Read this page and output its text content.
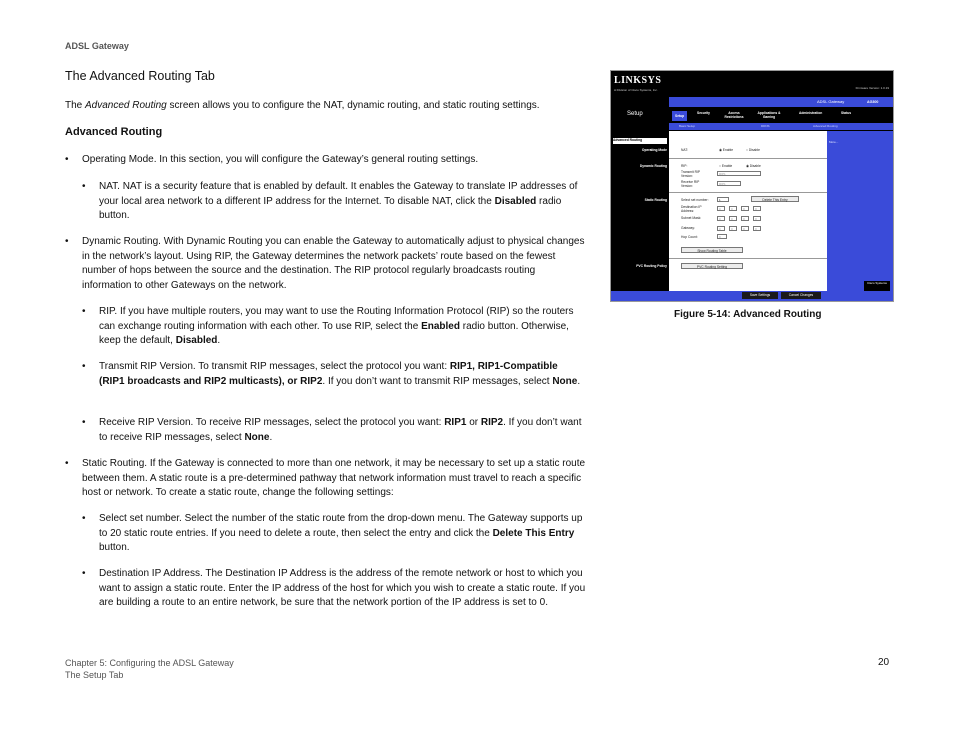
ADSL Gateway
The Advanced Routing Tab
The Advanced Routing screen allows you to configure the NAT, dynamic routing, and static routing settings.
Advanced Routing
• Operating Mode. In this section, you will configure the Gateway’s general routing settings.
• NAT. NAT is a security feature that is enabled by default. It enables the Gateway to translate IP addresses of your local area network to a different IP address for the Internet. To disable NAT, click the Disabled radio button.
• Dynamic Routing. With Dynamic Routing you can enable the Gateway to automatically adjust to physical changes in the network’s layout. Using RIP, the Gateway determines the network packets’ route based on the fewest number of hops between the source and the destination. The RIP protocol regularly broadcasts routing information to other Gateways on the network.
• RIP. If you have multiple routers, you may want to use the Routing Information Protocol (RIP) so the routers can exchange routing information with each other. To use RIP, select the Enabled radio button. Otherwise, keep the default, Disabled.
• Transmit RIP Version. To transmit RIP messages, select the protocol you want: RIP1, RIP1-Compatible (RIP1 broadcasts and RIP2 multicasts), or RIP2. If you don’t want to transmit RIP messages, select None.
• Receive RIP Version. To receive RIP messages, select the protocol you want: RIP1 or RIP2. If you don’t want to receive RIP messages, select None.
• Static Routing. If the Gateway is connected to more than one network, it may be necessary to set up a static route between them. A static route is a pre-determined pathway that network information must travel to reach a specific host or network. To create a static route, change the following settings:
• Select set number. Select the number of the static route from the drop-down menu. The Gateway supports up to 20 static route entries. If you need to delete a route, then select the entry and click the Delete This Entry button.
• Destination IP Address. The Destination IP Address is the address of the remote network or host to which you want to assign a static route. Enter the IP address of the host for which you wish to create a static route. If you are building a route to an entire network, be sure that the network portion of the IP address is set to 0.
LINKSYS
A Division of Cisco Systems, Inc.	Firmware Version: 1.0.19
Setup
ADSL Gateway	AG300
Setup
Security	Access Restrictions
Applications & Gaming
Administration	Status
Basic Setup	DDNS	Advanced Routing
Advanced Routing
Operating Mode
Dynamic Routing
Static Routing
PVC Routing Policy
More...
Cisco Systems
NAT:	◉ Enable	○ Disable
RIP:	○ Enable	◉ Disable
Transmit RIP Version:	RIP1
Receive RIP Version:	RIP1
Select set number:	1	Delete This Entry
Destination IP Address:	0	0	0	0
Subnet Mask:	0	0	0	0
Gateway:	0	0	0	0
Hop Count:	0
Show Routing Table
PVC Routing Setting
Save Settings	Cancel Changes
Figure 5-14: Advanced Routing
Chapter 5: Configuring the ADSL Gateway
The Setup Tab
20
